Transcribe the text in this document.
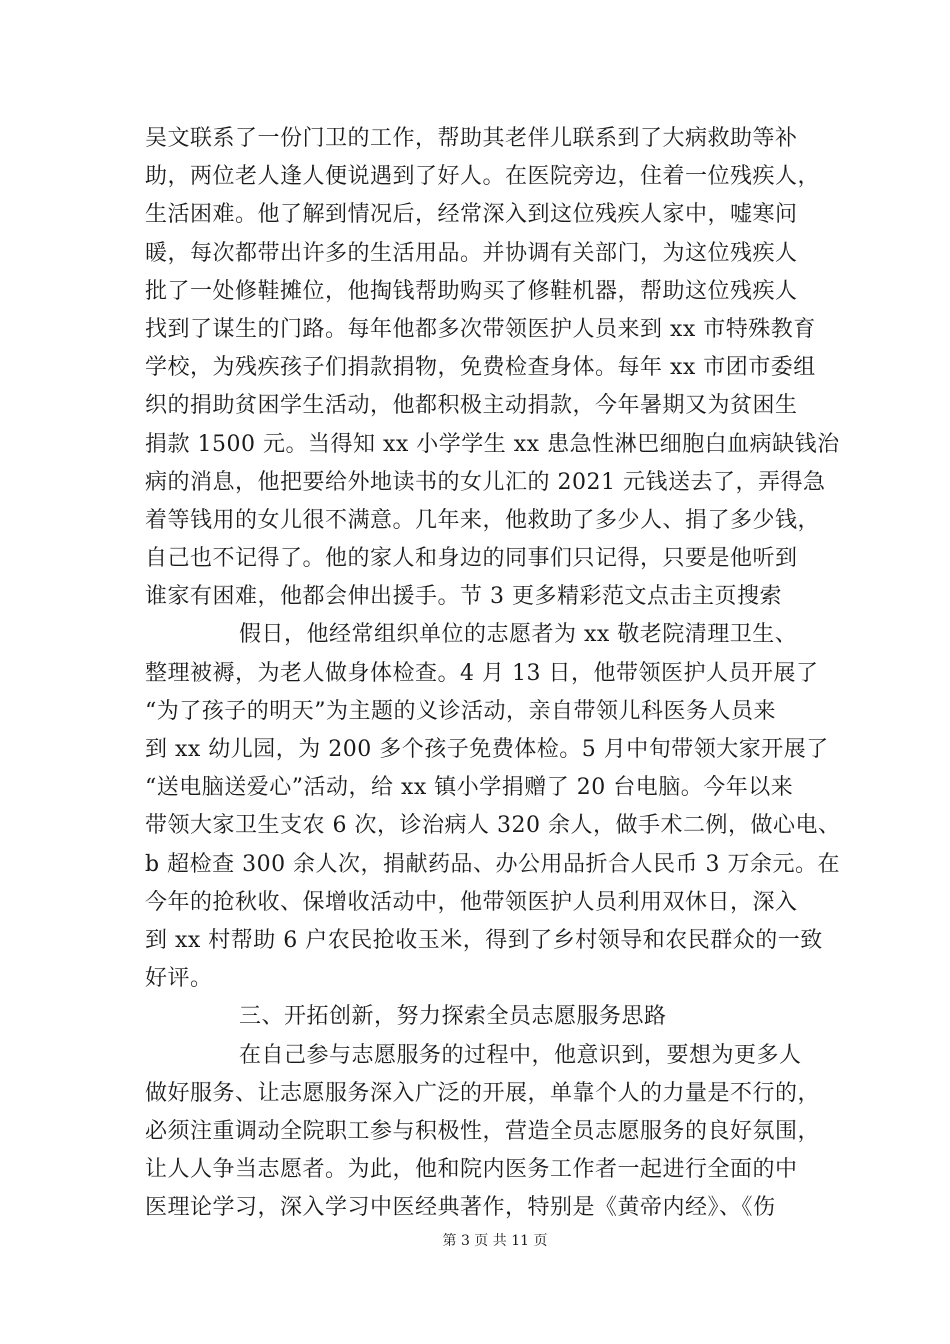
吴文联系了一份门卫的工作，帮助其老伴儿联系到了大病救助等补
助，两位老人逢人便说遇到了好人。在医院旁边，住着一位残疾人，
生活困难。他了解到情况后，经常深入到这位残疾人家中，嘘寒问
暖，每次都带出许多的生活用品。并协调有关部门，为这位残疾人
批了一处修鞋摊位，他掏钱帮助购买了修鞋机器，帮助这位残疾人
找到了谋生的门路。每年他都多次带领医护人员来到 xx 市特殊教育
学校，为残疾孩子们捐款捐物，免费检查身体。每年 xx 市团市委组
织的捐助贫困学生活动，他都积极主动捐款，今年暑期又为贫困生
捐款 1500 元。当得知 xx 小学学生 xx 患急性淋巴细胞白血病缺钱治
病的消息，他把要给外地读书的女儿汇的 2021 元钱送去了，弄得急
着等钱用的女儿很不满意。几年来，他救助了多少人、捐了多少钱，
自己也不记得了。他的家人和身边的同事们只记得，只要是他听到
谁家有困难，他都会伸出援手。节 3 更多精彩范文点击主页搜索
假日，他经常组织单位的志愿者为 xx 敬老院清理卫生、
整理被褥，为老人做身体检查。4 月 13 日，他带领医护人员开展了
“为了孩子的明天”为主题的义诊活动，亲自带领儿科医务人员来
到 xx 幼儿园，为 200 多个孩子免费体检。5 月中旬带领大家开展了
“送电脑送爱心”活动，给 xx 镇小学捐赠了 20 台电脑。今年以来
带领大家卫生支农 6 次，诊治病人 320 余人，做手术二例，做心电、
b 超检查 300 余人次，捐献药品、办公用品折合人民币 3 万余元。在
今年的抢秋收、保增收活动中，他带领医护人员利用双休日，深入
到 xx 村帮助 6 户农民抢收玉米，得到了乡村领导和农民群众的一致
好评。
三、开拓创新，努力探索全员志愿服务思路
在自己参与志愿服务的过程中，他意识到，要想为更多人
做好服务、让志愿服务深入广泛的开展，单靠个人的力量是不行的，
必须注重调动全院职工参与积极性，营造全员志愿服务的良好氛围，
让人人争当志愿者。为此，他和院内医务工作者一起进行全面的中
医理论学习，深入学习中医经典著作，特别是《黄帝内经》、《伤
第 3 页 共 11 页
